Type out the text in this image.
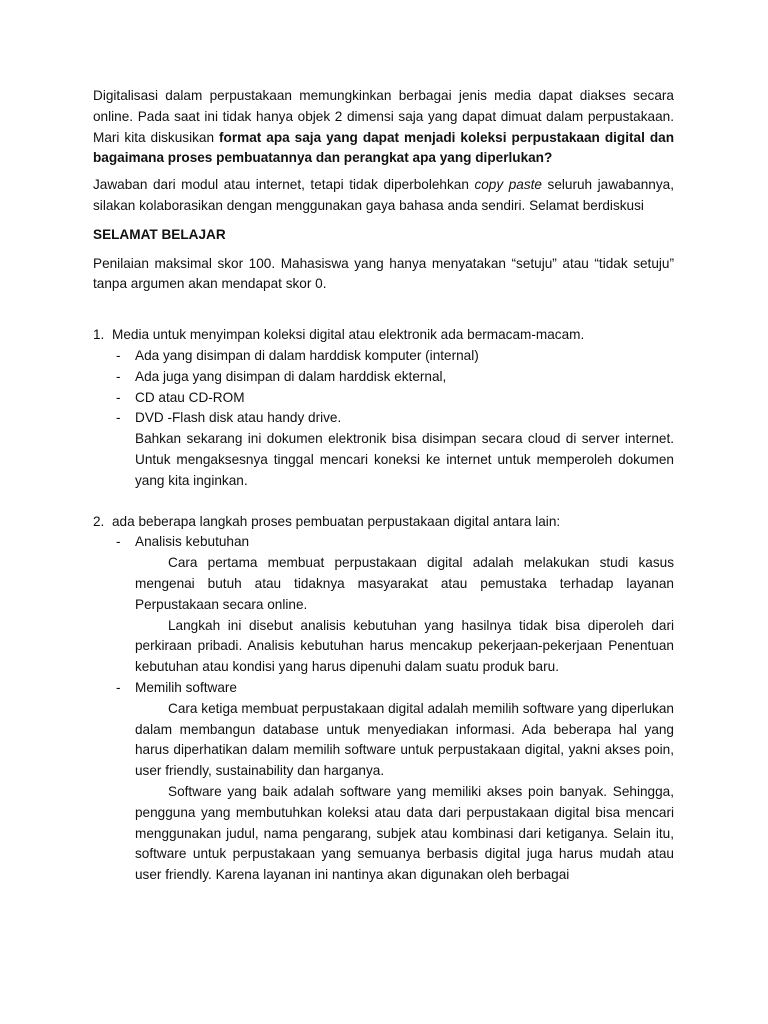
Digitalisasi dalam perpustakaan memungkinkan berbagai jenis media dapat diakses secara online. Pada saat ini tidak hanya objek 2 dimensi saja yang dapat dimuat dalam perpustakaan. Mari kita diskusikan format apa saja yang dapat menjadi koleksi perpustakaan digital dan bagaimana proses pembuatannya dan perangkat apa yang diperlukan?

Jawaban dari modul atau internet, tetapi tidak diperbolehkan copy paste seluruh jawabannya, silakan kolaborasikan dengan menggunakan gaya bahasa anda sendiri. Selamat berdiskusi

SELAMAT BELAJAR

Penilaian maksimal skor 100. Mahasiswa yang hanya menyatakan “setuju” atau “tidak setuju” tanpa argumen akan mendapat skor 0.

1. Media untuk menyimpan koleksi digital atau elektronik ada bermacam-macam.

- Ada yang disimpan di dalam harddisk komputer (internal)
- Ada juga yang disimpan di dalam harddisk ekternal,
- CD atau CD-ROM
- DVD -Flash disk atau handy drive.

Bahkan sekarang ini dokumen elektronik bisa disimpan secara cloud di server internet. Untuk mengaksesnya tinggal mencari koneksi ke internet untuk memperoleh dokumen yang kita inginkan.

2. ada beberapa langkah proses pembuatan perpustakaan digital antara lain:

- Analisis kebutuhan

Cara pertama membuat perpustakaan digital adalah melakukan studi kasus mengenai butuh atau tidaknya masyarakat atau pemustaka terhadap layanan Perpustakaan secara online.

Langkah ini disebut analisis kebutuhan yang hasilnya tidak bisa diperoleh dari perkiraan pribadi. Analisis kebutuhan harus mencakup pekerjaan-pekerjaan Penentuan kebutuhan atau kondisi yang harus dipenuhi dalam suatu produk baru.

- Memilih software

Cara ketiga membuat perpustakaan digital adalah memilih software yang diperlukan dalam membangun database untuk menyediakan informasi. Ada beberapa hal yang harus diperhatikan dalam memilih software untuk perpustakaan digital, yakni akses poin, user friendly, sustainability dan harganya.

Software yang baik adalah software yang memiliki akses poin banyak. Sehingga, pengguna yang membutuhkan koleksi atau data dari perpustakaan digital bisa mencari menggunakan judul, nama pengarang, subjek atau kombinasi dari ketiganya. Selain itu, software untuk perpustakaan yang semuanya berbasis digital juga harus mudah atau user friendly. Karena layanan ini nantinya akan digunakan oleh berbagai
